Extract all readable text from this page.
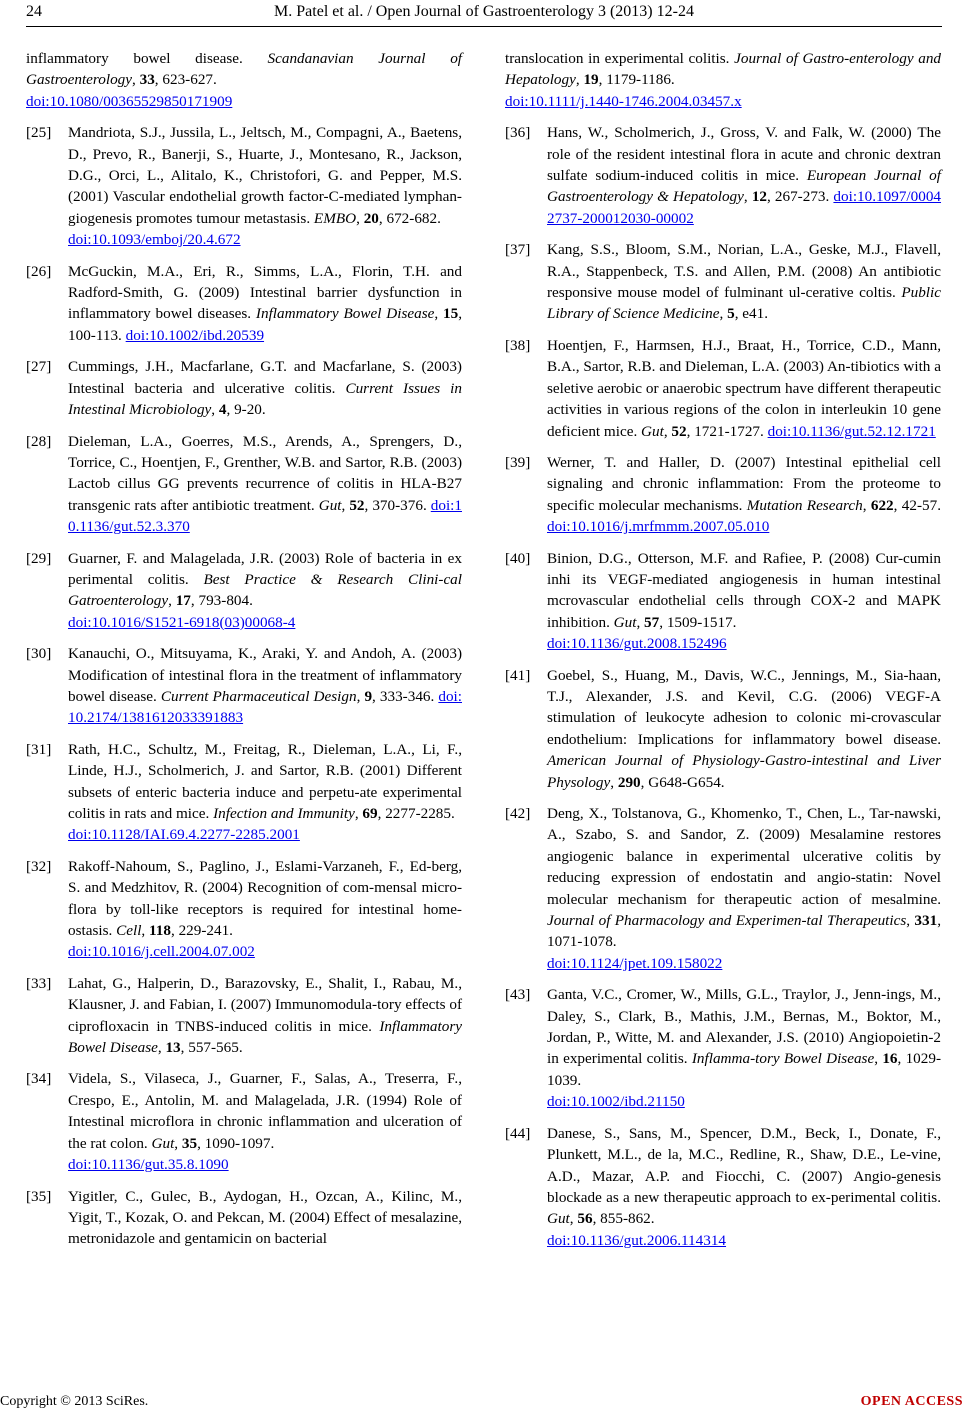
24	M. Patel et al. / Open Journal of Gastroenterology 3 (2013) 12-24
inflammatory bowel disease. Scandanavian Journal of Gastroenterology, 33, 623-627.
doi:10.1080/00365529850171909
[25]	Mandriota, S.J., Jussila, L., Jeltsch, M., Compagni, A., Baetens, D., Prevo, R., Banerji, S., Huarte, J., Montesano, R., Jackson, D.G., Orci, L., Alitalo, K., Christofori, G. and Pepper, M.S. (2001) Vascular endothelial growth factor-C-mediated lymphan-giogenesis promotes tumour metastasis. EMBO, 20, 672-682.
doi:10.1093/emboj/20.4.672
[26]	McGuckin, M.A., Eri, R., Simms, L.A., Florin, T.H. and Radford-Smith, G. (2009) Intestinal barrier dysfunction in inflammatory bowel diseases. Inflammatory Bowel Disease, 15, 100-113. doi:10.1002/ibd.20539
[27]	Cummings, J.H., Macfarlane, G.T. and Macfarlane, S. (2003) Intestinal bacteria and ulcerative colitis. Current Issues in Intestinal Microbiology, 4, 9-20.
[28]	Dieleman, L.A., Goerres, M.S., Arends, A., Sprengers, D., Torrice, C., Hoentjen, F., Grenther, W.B. and Sartor, R.B. (2003) Lactob cillus GG prevents recurrence of colitis in HLA-B27 transgenic rats after antibiotic treatment. Gut, 52, 370-376. doi:10.1136/gut.52.3.370
[29]	Guarner, F. and Malagelada, J.R. (2003) Role of bacteria in ex perimental colitis. Best Practice & Research Clini-cal Gatroenterology, 17, 793-804.
doi:10.1016/S1521-6918(03)00068-4
[30]	Kanauchi, O., Mitsuyama, K., Araki, Y. and Andoh, A. (2003) Modification of intestinal flora in the treatment of inflammatory bowel disease. Current Pharmaceutical Design, 9, 333-346. doi:10.2174/1381612033391883
[31]	Rath, H.C., Schultz, M., Freitag, R., Dieleman, L.A., Li, F., Linde, H.J., Scholmerich, J. and Sartor, R.B. (2001) Different subsets of enteric bacteria induce and perpetu-ate experimental colitis in rats and mice. Infection and Immunity, 69, 2277-2285.
doi:10.1128/IAI.69.4.2277-2285.2001
[32]	Rakoff-Nahoum, S., Paglino, J., Eslami-Varzaneh, F., Ed-berg, S. and Medzhitov, R. (2004) Recognition of com-mensal micro-flora by toll-like receptors is required for intestinal home-ostasis. Cell, 118, 229-241.
doi:10.1016/j.cell.2004.07.002
[33]	Lahat, G., Halperin, D., Barazovsky, E., Shalit, I., Rabau, M., Klausner, J. and Fabian, I. (2007) Immunomodula-tory effects of ciprofloxacin in TNBS-induced colitis in mice. Inflammatory Bowel Disease, 13, 557-565.
[34]	Videla, S., Vilaseca, J., Guarner, F., Salas, A., Treserra, F., Crespo, E., Antolin, M. and Malagelada, J.R. (1994) Role of Intestinal microflora in chronic inflammation and ulceration of the rat colon. Gut, 35, 1090-1097.
doi:10.1136/gut.35.8.1090
[35]	Yigitler, C., Gulec, B., Aydogan, H., Ozcan, A., Kilinc, M., Yigit, T., Kozak, O. and Pekcan, M. (2004) Effect of mesalazine, metronidazole and gentamicin on bacterial
translocation in experimental colitis. Journal of Gastro-enterology and Hepatology, 19, 1179-1186.
doi:10.1111/j.1440-1746.2004.03457.x
[36]	Hans, W., Scholmerich, J., Gross, V. and Falk, W. (2000) The role of the resident intestinal flora in acute and chronic dextran sulfate sodium-induced colitis in mice. European Journal of Gastroenterology & Hepatology, 12, 267-273. doi:10.1097/00042737-200012030-00002
[37]	Kang, S.S., Bloom, S.M., Norian, L.A., Geske, M.J., Flavell, R.A., Stappenbeck, T.S. and Allen, P.M. (2008) An antibiotic responsive mouse model of fulminant ul-cerative coltis. Public Library of Science Medicine, 5, e41.
[38]	Hoentjen, F., Harmsen, H.J., Braat, H., Torrice, C.D., Mann, B.A., Sartor, R.B. and Dieleman, L.A. (2003) An-tibiotics with a seletive aerobic or anaerobic spectrum have different therapeutic activities in various regions of the colon in interleukin 10 gene deficient mice. Gut, 52, 1721-1727. doi:10.1136/gut.52.12.1721
[39]	Werner, T. and Haller, D. (2007) Intestinal epithelial cell signaling and chronic inflammation: From the proteome to specific molecular mechanisms. Mutation Research, 622, 42-57. doi:10.1016/j.mrfmmm.2007.05.010
[40]	Binion, D.G., Otterson, M.F. and Rafiee, P. (2008) Cur-cumin inhi its VEGF-mediated angiogenesis in human intestinal mcrovascular endothelial cells through COX-2 and MAPK inhibition. Gut, 57, 1509-1517.
doi:10.1136/gut.2008.152496
[41]	Goebel, S., Huang, M., Davis, W.C., Jennings, M., Sia-haan, T.J., Alexander, J.S. and Kevil, C.G. (2006) VEGF-A stimulation of leukocyte adhesion to colonic mi-crovascular endothelium: Implications for inflammatory bowel disease. American Journal of Physiology-Gastro-intestinal and Liver Physology, 290, G648-G654.
[42]	Deng, X., Tolstanova, G., Khomenko, T., Chen, L., Tar-nawski, A., Szabo, S. and Sandor, Z. (2009) Mesalamine restores angiogenic balance in experimental ulcerative colitis by reducing expression of endostatin and angio-statin: Novel molecular mechanism for therapeutic action of mesalmine. Journal of Pharmacology and Experimen-tal Therapeutics, 331, 1071-1078.
doi:10.1124/jpet.109.158022
[43]	Ganta, V.C., Cromer, W., Mills, G.L., Traylor, J., Jenn-ings, M., Daley, S., Clark, B., Mathis, J.M., Bernas, M., Boktor, M., Jordan, P., Witte, M. and Alexander, J.S. (2010) Angiopoietin-2 in experimental colitis. Inflamma-tory Bowel Disease, 16, 1029-1039.
doi:10.1002/ibd.21150
[44]	Danese, S., Sans, M., Spencer, D.M., Beck, I., Donate, F., Plunkett, M.L., de la, M.C., Redline, R., Shaw, D.E., Le-vine, A.D., Mazar, A.P. and Fiocchi, C. (2007) Angio-genesis blockade as a new therapeutic approach to ex-perimental colitis. Gut, 56, 855-862.
doi:10.1136/gut.2006.114314
Copyright © 2013 SciRes.	OPEN ACCESS
